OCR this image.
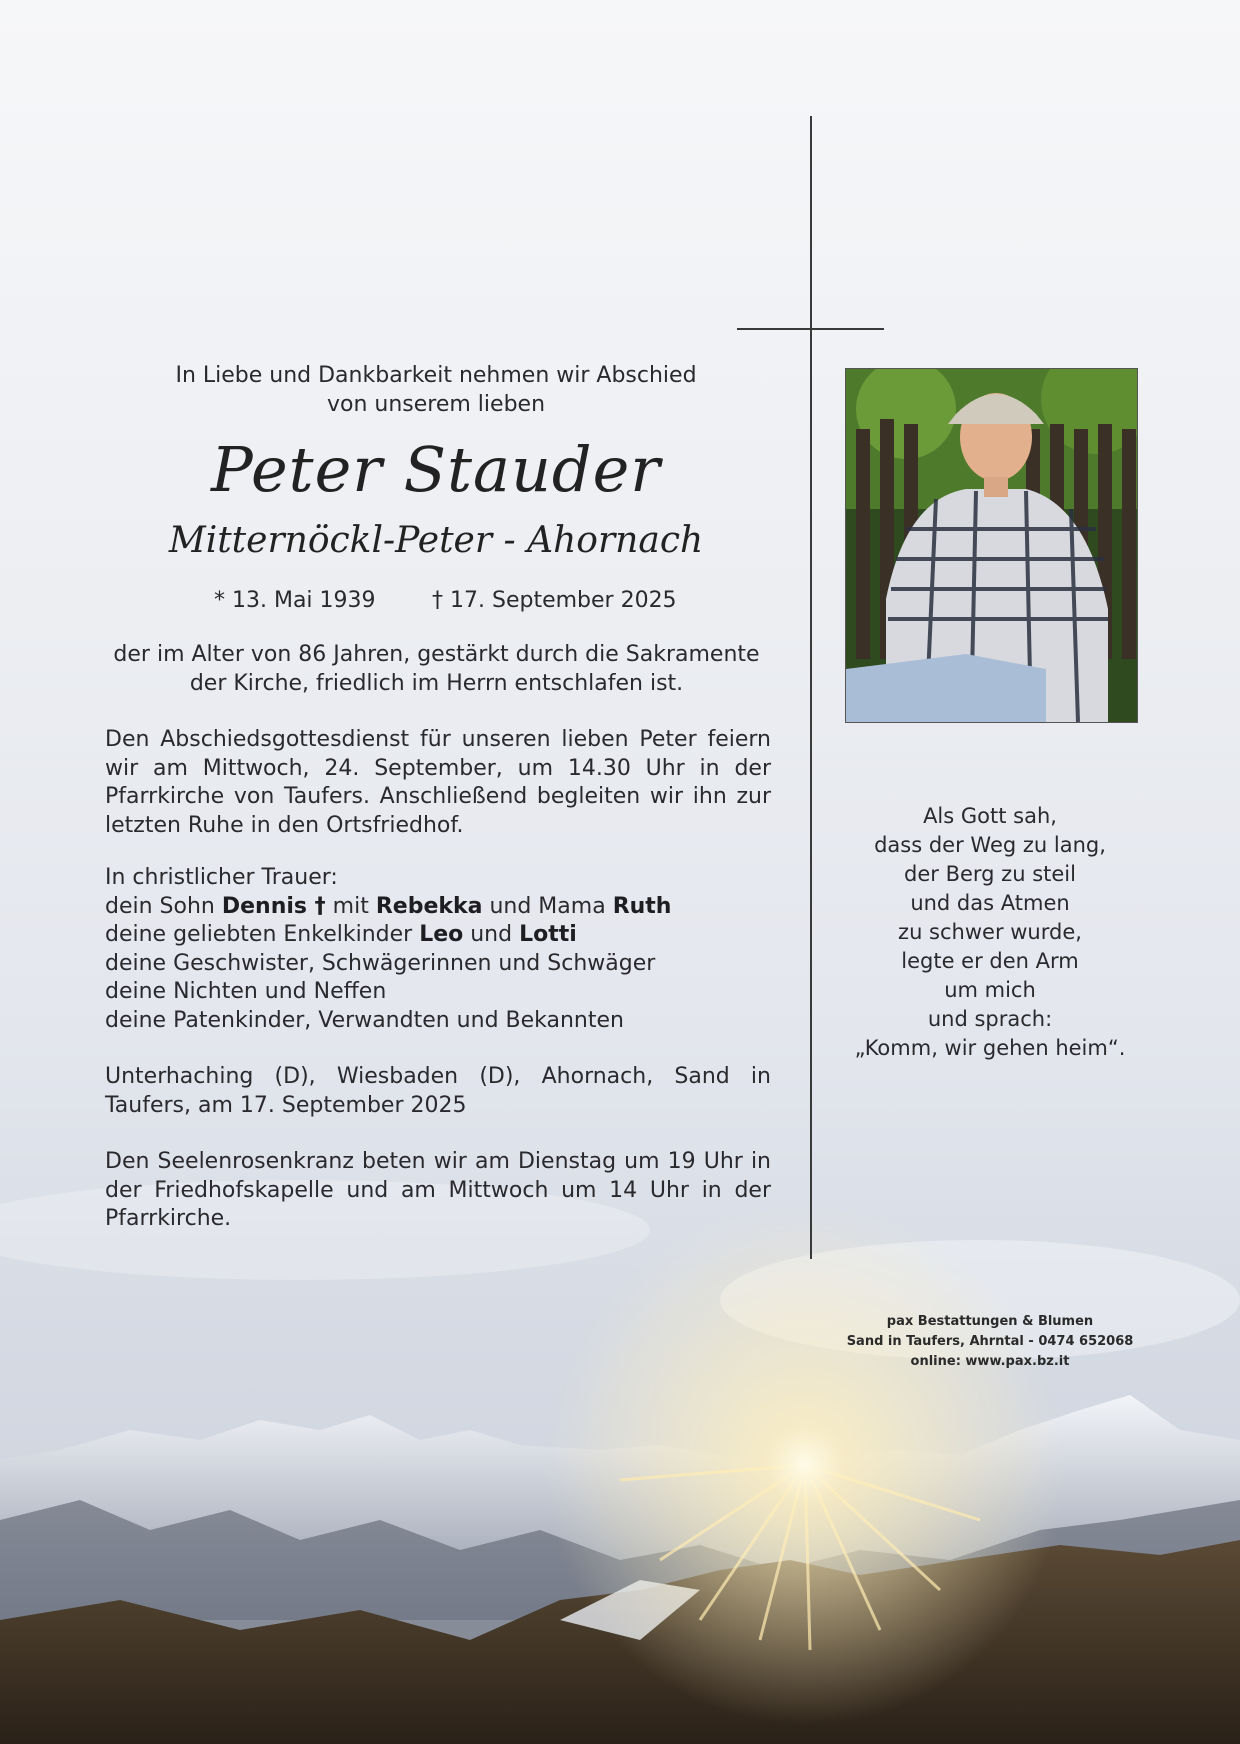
In Liebe und Dankbarkeit nehmen wir Abschied
von unserem lieben
Peter Stauder
Mitternöckl-Peter - Ahornach
* 13. Mai 1939	† 17. September 2025
der im Alter von 86 Jahren, gestärkt durch die Sakramente
der Kirche, friedlich im Herrn entschlafen ist.

Den Abschiedsgottesdienst für unseren lieben Peter feiern wir am Mittwoch, 24. September, um 14.30 Uhr in der Pfarrkirche von Taufers. Anschließend begleiten wir ihn zur letzten Ruhe in den Ortsfriedhof.

In christlicher Trauer:
dein Sohn Dennis † mit Rebekka und Mama Ruth
deine geliebten Enkelkinder Leo und Lotti
deine Geschwister, Schwägerinnen und Schwäger
deine Nichten und Neffen
deine Patenkinder, Verwandten und Bekannten

Unterhaching (D), Wiesbaden (D), Ahornach, Sand in Taufers, am 17. September 2025

Den Seelenrosenkranz beten wir am Dienstag um 19 Uhr in der Friedhofskapelle und am Mittwoch um 14 Uhr in der Pfarrkirche.

Als Gott sah,
dass der Weg zu lang,
der Berg zu steil
und das Atmen
zu schwer wurde,
legte er den Arm
um mich
und sprach:
„Komm, wir gehen heim“.
pax Bestattungen & Blumen
Sand in Taufers, Ahrntal - 0474 652068
online: www.pax.bz.it
